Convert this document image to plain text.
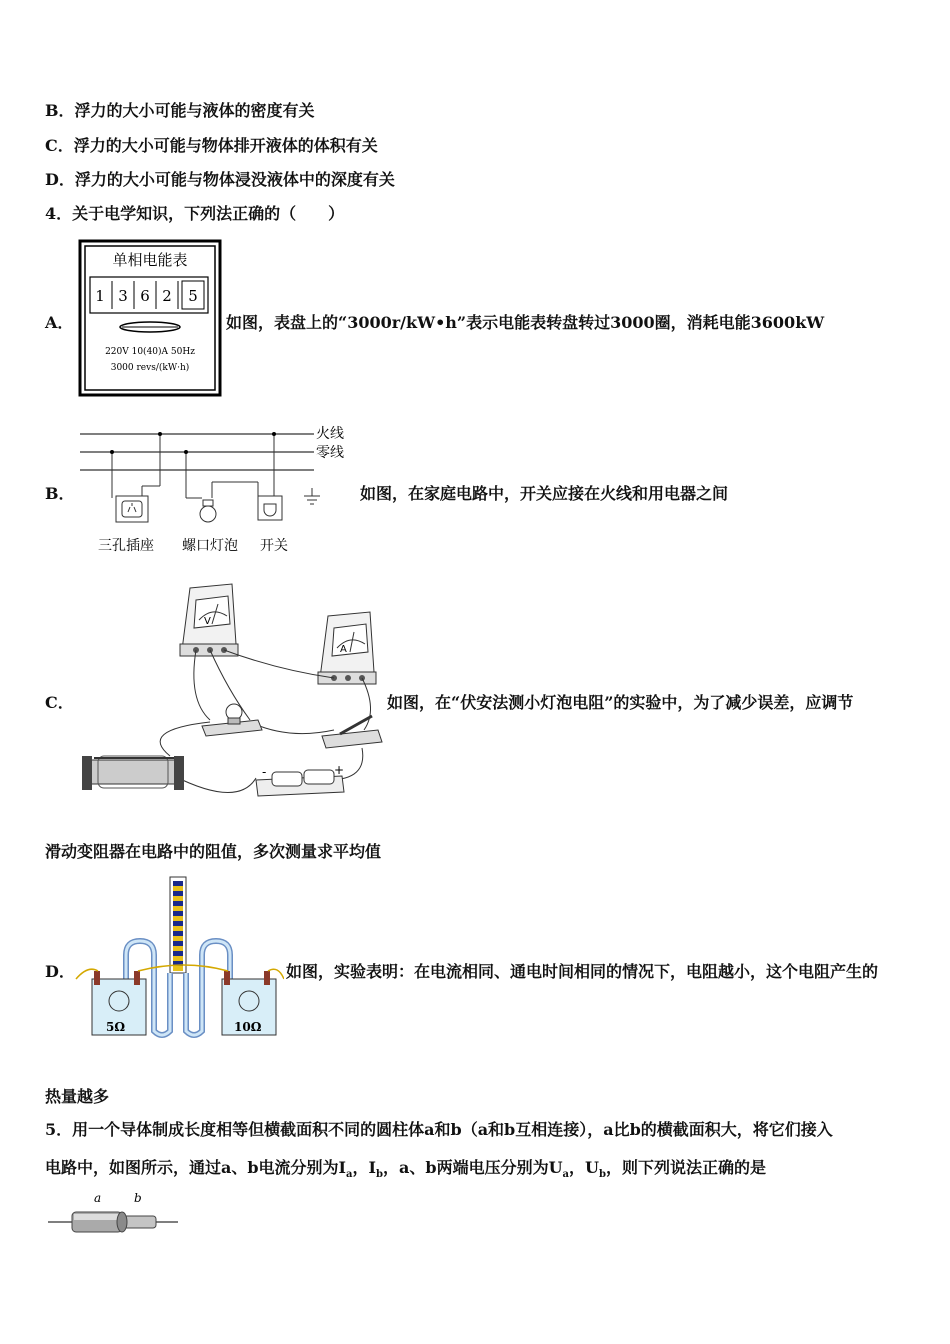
B．浮力的大小可能与液体的密度有关
C．浮力的大小可能与物体排开液体的体积有关
D．浮力的大小可能与物体浸没液体中的深度有关
4．关于电学知识，下列法正确的（　　）
A．
单相电能表
1 3 6 2 5
220V 10(40)A 50Hz
3000 revs/(kW·h)
如图，表盘上的“3000r/kW•h”表示电能表转盘转过3000圈，消耗电能3600kW
B．
火线
零线
三孔插座 螺口灯泡 开关
如图，在家庭电路中，开关应接在火线和用电器之间
C．
V
A
-	+
如图，在“伏安法测小灯泡电阻”的实验中，为了减少误差，应调节
滑动变阻器在电路中的阻值，多次测量求平均值
D．
5Ω	10Ω
如图，实验表明：在电流相同、通电时间相同的情况下，电阻越小，这个电阻产生的
热量越多
5．用一个导体制成长度相等但横截面积不同的圆柱体a和b（a和b互相连接），a比b的横截面积大，将它们接入
电路中，如图所示，通过a、b电流分别为$I_a$，$I_b$，a、b两端电压分别为$U_a$，$U_b$，则下列说法正确的是
a	b
